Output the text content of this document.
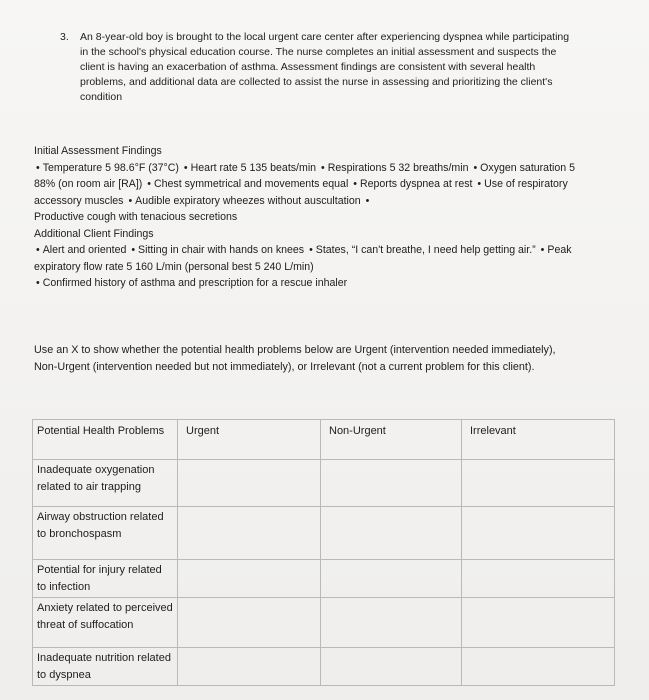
3. An 8-year-old boy is brought to the local urgent care center after experiencing dyspnea while participating in the school's physical education course. The nurse completes an initial assessment and suspects the client is having an exacerbation of asthma. Assessment findings are consistent with several health problems, and additional data are collected to assist the nurse in assessing and prioritizing the client's condition
Initial Assessment Findings
• Temperature 5 98.6°F (37°C) • Heart rate 5 135 beats/min • Respirations 5 32 breaths/min • Oxygen saturation 5 88% (on room air [RA]) • Chest symmetrical and movements equal • Reports dyspnea at rest • Use of respiratory accessory muscles • Audible expiratory wheezes without auscultation •
Productive cough with tenacious secretions
Additional Client Findings
• Alert and oriented • Sitting in chair with hands on knees • States, “I can't breathe, I need help getting air.” • Peak expiratory flow rate 5 160 L/min (personal best 5 240 L/min)
• Confirmed history of asthma and prescription for a rescue inhaler
Use an X to show whether the potential health problems below are Urgent (intervention needed immediately), Non-Urgent (intervention needed but not immediately), or Irrelevant (not a current problem for this client).
Potential Health Problems	Urgent	Non-Urgent	Irrelevant
Inadequate oxygenation related to air trapping			
Airway obstruction related to bronchospasm			
Potential for injury related to infection			
Anxiety related to perceived threat of suffocation			
Inadequate nutrition related to dyspnea			
